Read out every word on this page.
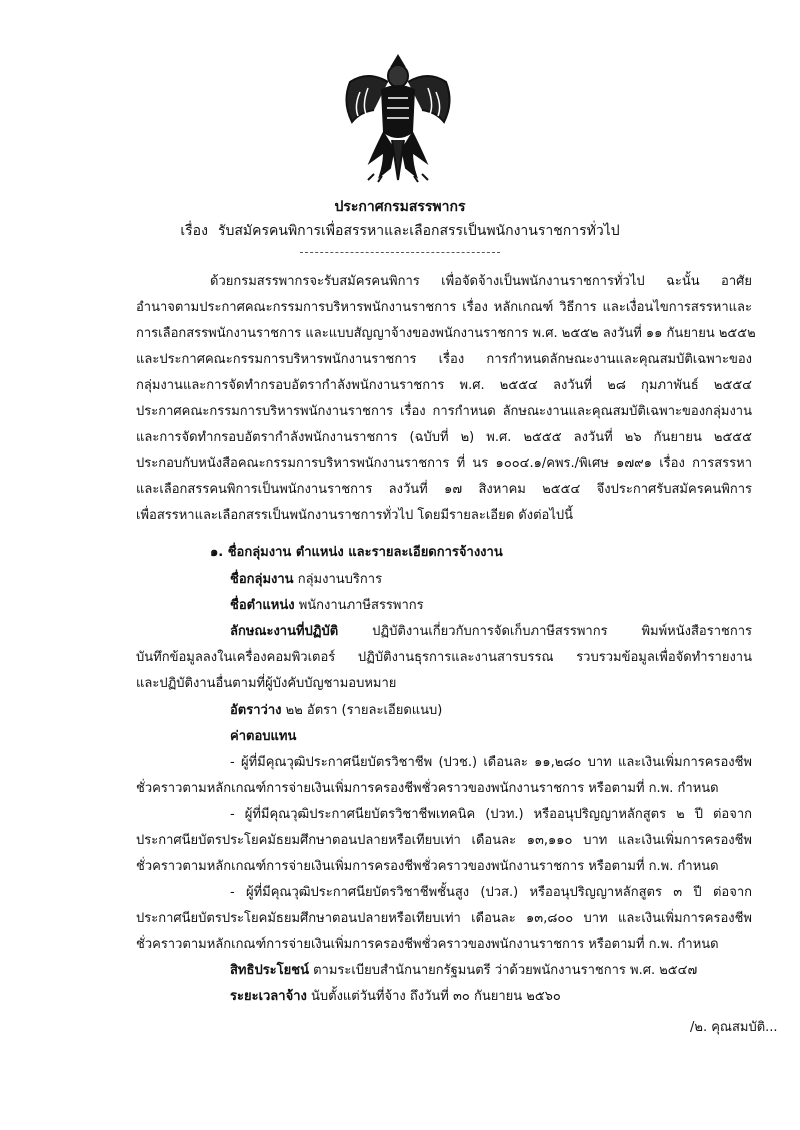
ประกาศกรมสรรพากร
เรื่อง รับสมัครคนพิการเพื่อสรรหาและเลือกสรรเป็นพนักงานราชการทั่วไป
ด้วยกรมสรรพากรจะรับสมัครคนพิการ เพื่อจัดจ้างเป็นพนักงานราชการทั่วไป ฉะนั้น อาศัย
อำนาจตามประกาศคณะกรรมการบริหารพนักงานราชการ เรื่อง หลักเกณฑ์ วิธีการ และเงื่อนไขการสรรหาและ
การเลือกสรรพนักงานราชการ และแบบสัญญาจ้างของพนักงานราชการ พ.ศ. ๒๕๕๒ ลงวันที่ ๑๑ กันยายน ๒๕๕๒
และประกาศคณะกรรมการบริหารพนักงานราชการ เรื่อง การกำหนดลักษณะงานและคุณสมบัติเฉพาะของ
กลุ่มงานและการจัดทำกรอบอัตรากำลังพนักงานราชการ พ.ศ. ๒๕๕๔ ลงวันที่ ๒๘ กุมภาพันธ์ ๒๕๕๔
ประกาศคณะกรรมการบริหารพนักงานราชการ เรื่อง การกำหนด ลักษณะงานและคุณสมบัติเฉพาะของกลุ่มงาน
และการจัดทำกรอบอัตรากำลังพนักงานราชการ (ฉบับที่ ๒) พ.ศ. ๒๕๕๕ ลงวันที่ ๒๖ กันยายน ๒๕๕๕
ประกอบกับหนังสือคณะกรรมการบริหารพนักงานราชการ ที่ นร ๑๐๐๔.๑/คพร./พิเศษ ๑๗๙๑ เรื่อง การสรรหา
และเลือกสรรคนพิการเป็นพนักงานราชการ ลงวันที่ ๑๗ สิงหาคม ๒๕๕๔ จึงประกาศรับสมัครคนพิการ
เพื่อสรรหาและเลือกสรรเป็นพนักงานราชการทั่วไป โดยมีรายละเอียด ดังต่อไปนี้
๑. ชื่อกลุ่มงาน ตำแหน่ง และรายละเอียดการจ้างงาน
ชื่อกลุ่มงาน กลุ่มงานบริการ
ชื่อตำแหน่ง พนักงานภาษีสรรพากร
ลักษณะงานที่ปฏิบัติ	ปฏิบัติงานเกี่ยวกับการจัดเก็บภาษีสรรพากร พิมพ์หนังสือราชการ
บันทึกข้อมูลลงในเครื่องคอมพิวเตอร์ ปฏิบัติงานธุรการและงานสารบรรณ รวบรวมข้อมูลเพื่อจัดทำรายงาน
และปฏิบัติงานอื่นตามที่ผู้บังคับบัญชามอบหมาย
อัตราว่าง ๒๒ อัตรา (รายละเอียดแนบ)
ค่าตอบแทน
- ผู้ที่มีคุณวุฒิประกาศนียบัตรวิชาชีพ (ปวช.) เดือนละ ๑๑,๒๘๐ บาท และเงินเพิ่มการครองชีพ
ชั่วคราวตามหลักเกณฑ์การจ่ายเงินเพิ่มการครองชีพชั่วคราวของพนักงานราชการ หรือตามที่ ก.พ. กำหนด
- ผู้ที่มีคุณวุฒิประกาศนียบัตรวิชาชีพเทคนิค (ปวท.) หรืออนุปริญญาหลักสูตร ๒ ปี ต่อจาก
ประกาศนียบัตรประโยคมัธยมศึกษาตอนปลายหรือเทียบเท่า เดือนละ ๑๓,๑๑๐ บาท และเงินเพิ่มการครองชีพ
ชั่วคราวตามหลักเกณฑ์การจ่ายเงินเพิ่มการครองชีพชั่วคราวของพนักงานราชการ หรือตามที่ ก.พ. กำหนด
- ผู้ที่มีคุณวุฒิประกาศนียบัตรวิชาชีพชั้นสูง (ปวส.) หรืออนุปริญญาหลักสูตร ๓ ปี ต่อจาก
ประกาศนียบัตรประโยคมัธยมศึกษาตอนปลายหรือเทียบเท่า เดือนละ ๑๓,๘๐๐ บาท และเงินเพิ่มการครองชีพ
ชั่วคราวตามหลักเกณฑ์การจ่ายเงินเพิ่มการครองชีพชั่วคราวของพนักงานราชการ หรือตามที่ ก.พ. กำหนด
สิทธิประโยชน์ ตามระเบียบสำนักนายกรัฐมนตรี ว่าด้วยพนักงานราชการ พ.ศ. ๒๕๔๗
ระยะเวลาจ้าง นับตั้งแต่วันที่จ้าง ถึงวันที่ ๓๐ กันยายน ๒๕๖๐
/๒. คุณสมบัติ...
